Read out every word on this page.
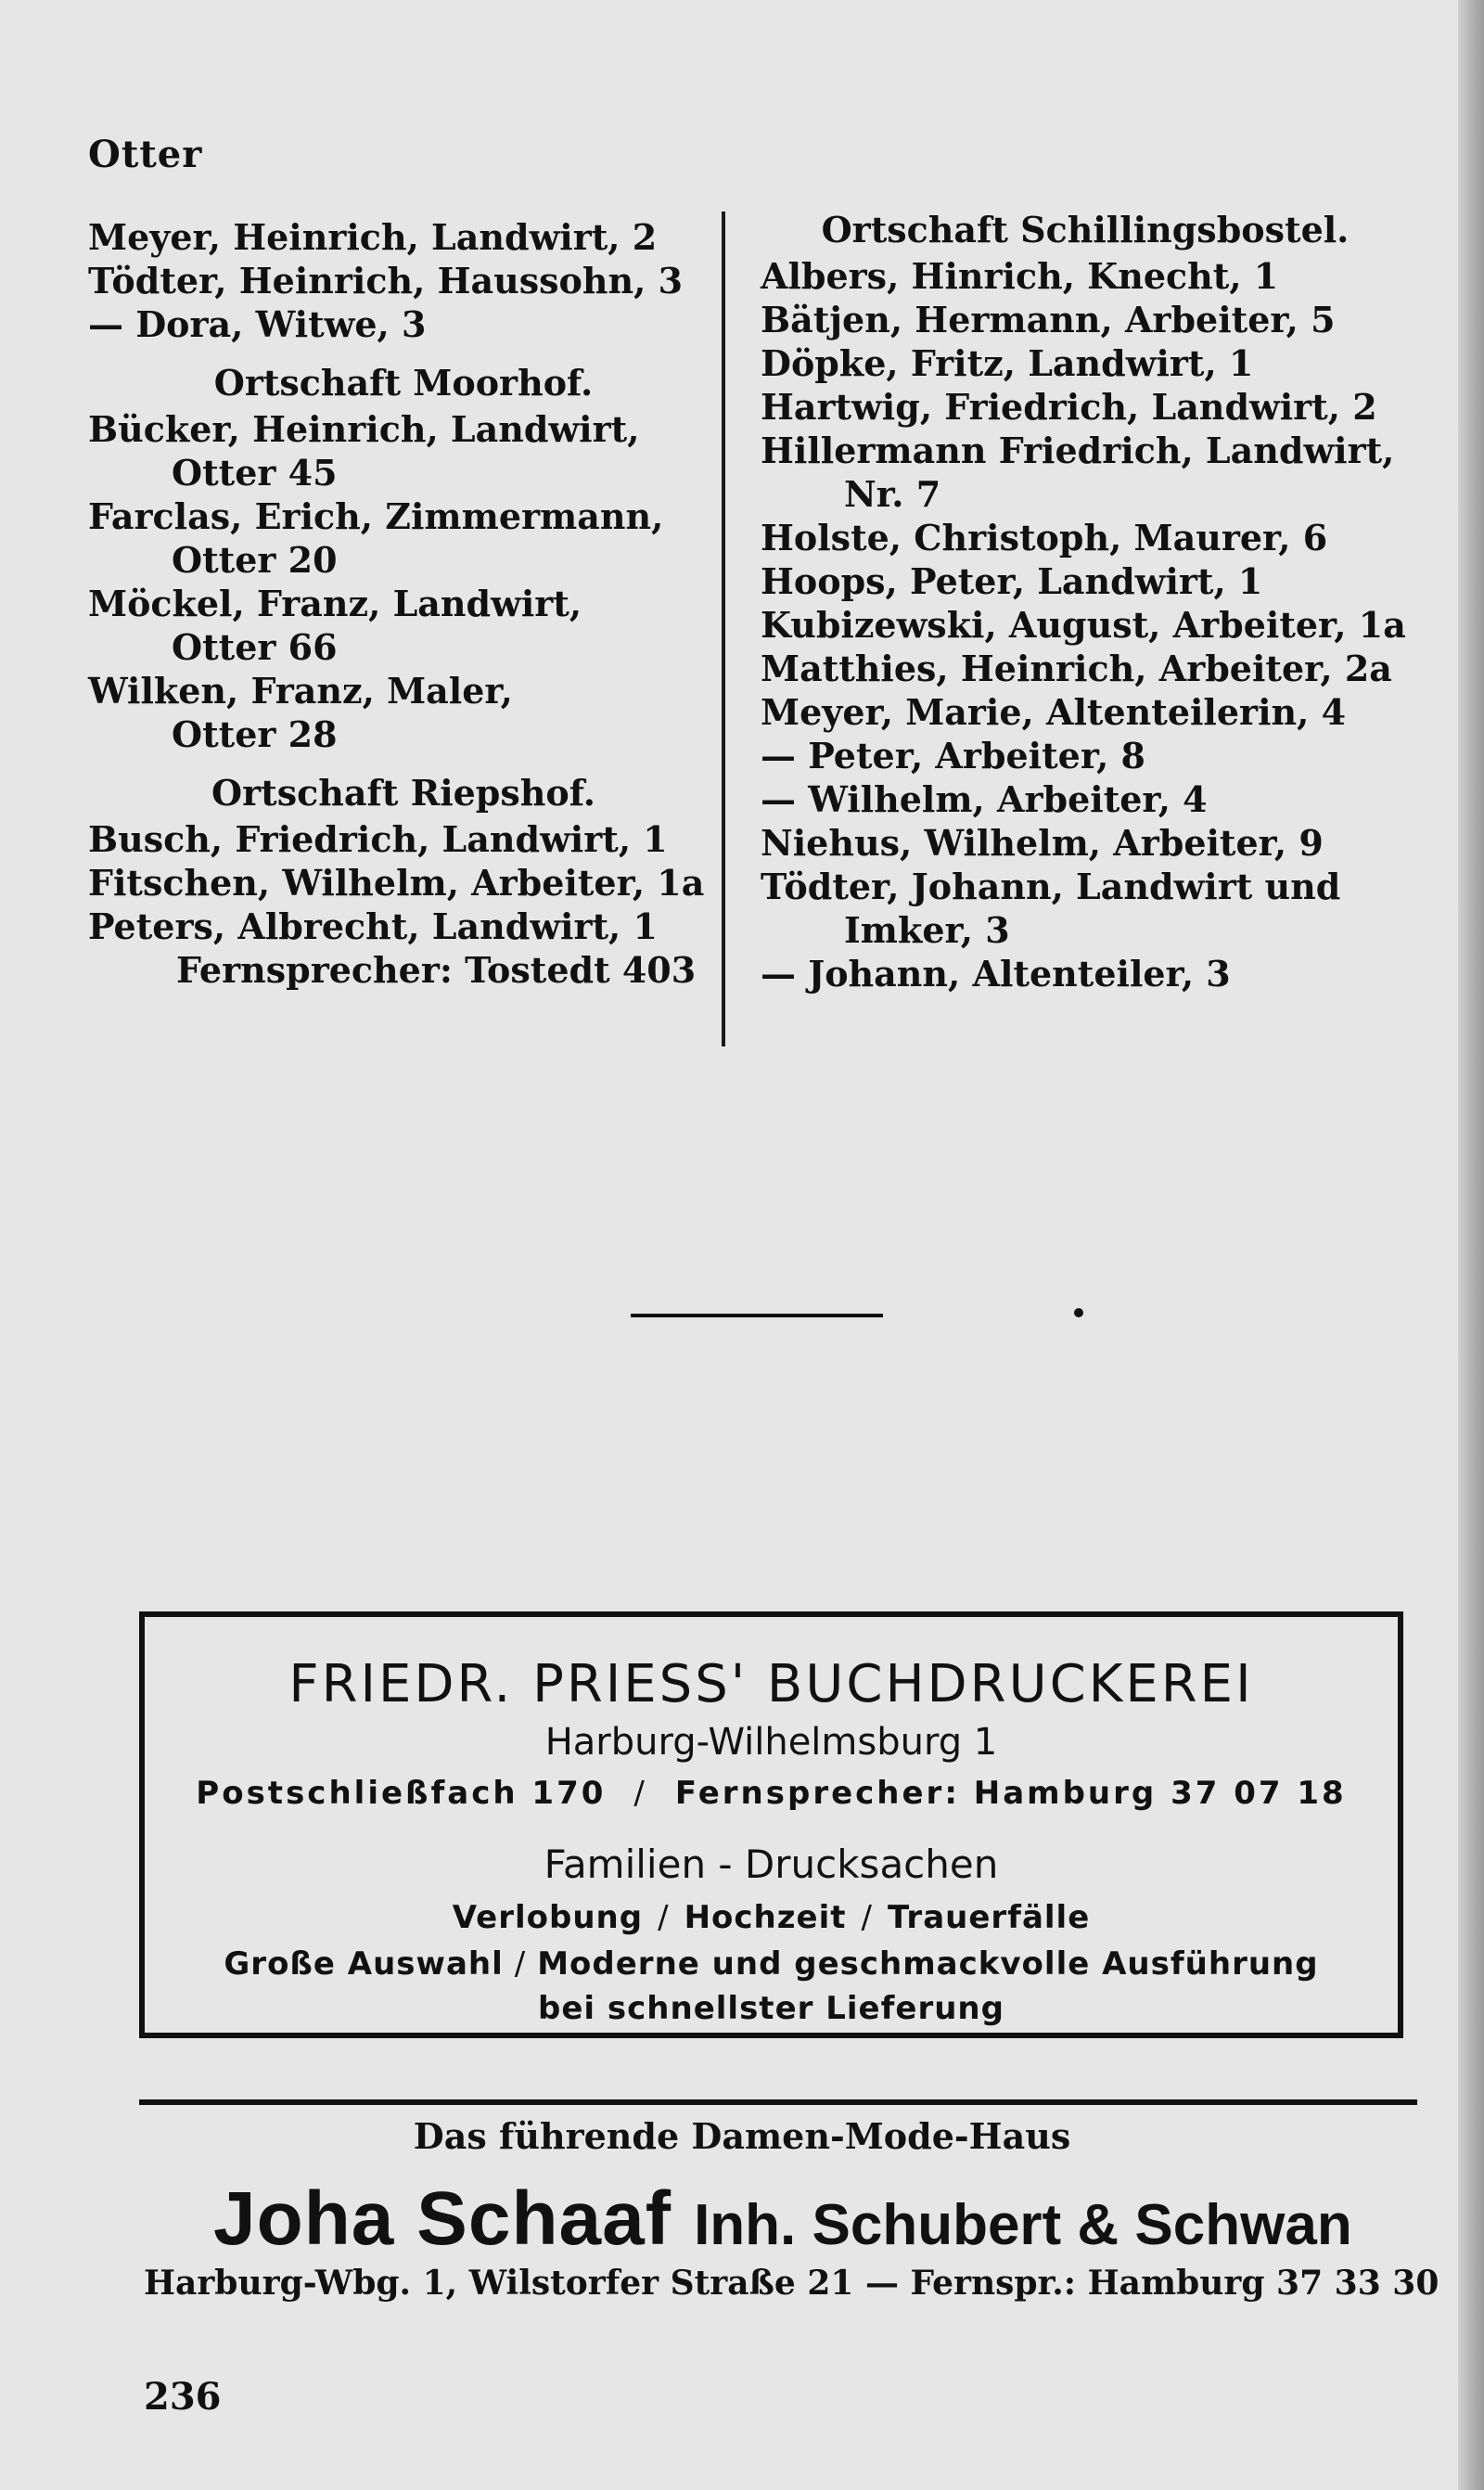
Otter
Meyer, Heinrich, Landwirt, 2
Tödter, Heinrich, Haussohn, 3
— Dora, Witwe, 3
Ortschaft Moorhof.
Bücker, Heinrich, Landwirt,
Otter 45
Farclas, Erich, Zimmermann,
Otter 20
Möckel, Franz, Landwirt,
Otter 66
Wilken, Franz, Maler,
Otter 28
Ortschaft Riepshof.
Busch, Friedrich, Landwirt, 1
Fitschen, Wilhelm, Arbeiter, 1a
Peters, Albrecht, Landwirt, 1
Fernsprecher: Tostedt 403
Ortschaft Schillingsbostel.
Albers, Hinrich, Knecht, 1
Bätjen, Hermann, Arbeiter, 5
Döpke, Fritz, Landwirt, 1
Hartwig, Friedrich, Landwirt, 2
Hillermann Friedrich, Landwirt,
Nr. 7
Holste, Christoph, Maurer, 6
Hoops, Peter, Landwirt, 1
Kubizewski, August, Arbeiter, 1a
Matthies, Heinrich, Arbeiter, 2a
Meyer, Marie, Altenteilerin, 4
— Peter, Arbeiter, 8
— Wilhelm, Arbeiter, 4
Niehus, Wilhelm, Arbeiter, 9
Tödter, Johann, Landwirt und
Imker, 3
— Johann, Altenteiler, 3
FRIEDR. PRIESS' BUCHDRUCKEREI
Harburg-Wilhelmsburg 1
Postschließfach 170 / Fernsprecher: Hamburg 37 07 18
Familien - Drucksachen
Verlobung / Hochzeit / Trauerfälle
Große Auswahl / Moderne und geschmackvolle Ausführung
bei schnellster Lieferung
Das führende Damen-Mode-Haus
Joha Schaaf Inh. Schubert & Schwan
Harburg-Wbg. 1, Wilstorfer Straße 21 — Fernspr.: Hamburg 37 33 30
236
